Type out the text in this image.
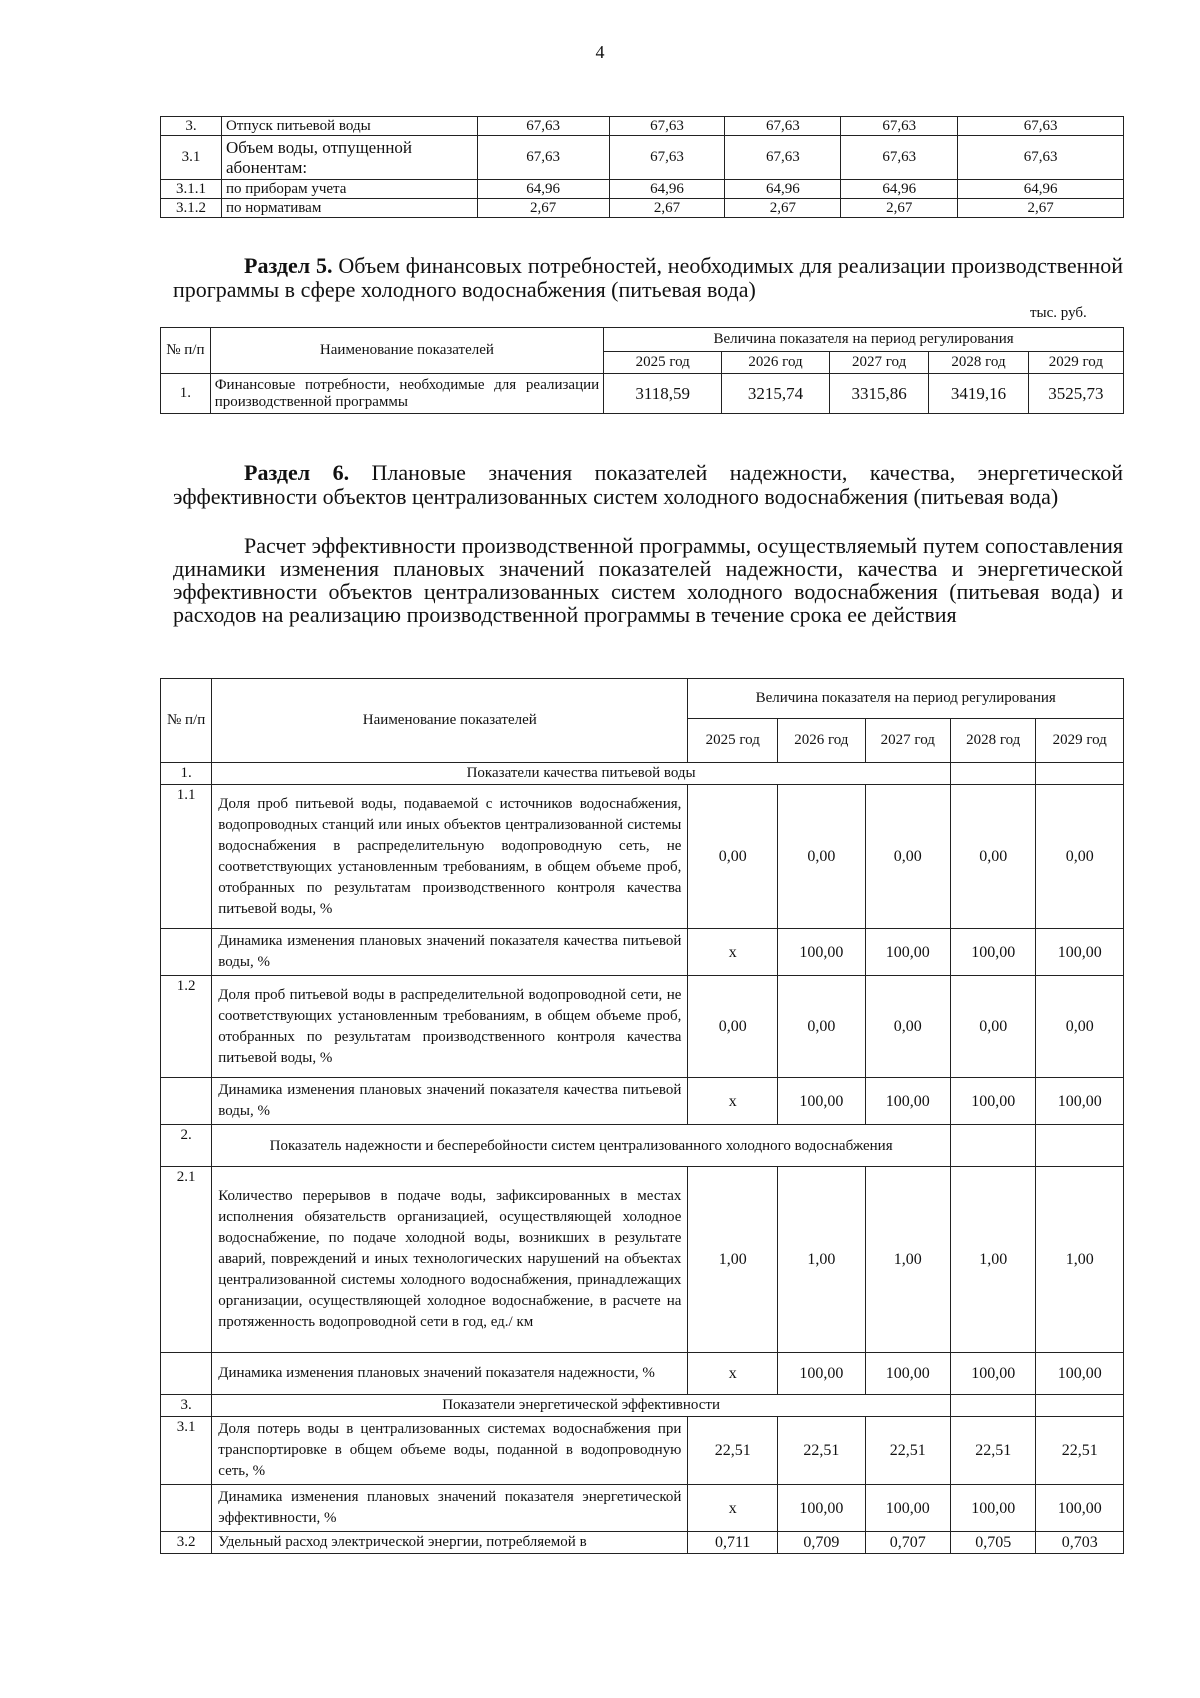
4
3.	Отпуск питьевой воды	67,63	67,63	67,63	67,63	67,63
3.1	Объем воды, отпущенной абонентам:	67,63	67,63	67,63	67,63	67,63
3.1.1	по приборам учета	64,96	64,96	64,96	64,96	64,96
3.1.2	по нормативам	2,67	2,67	2,67	2,67	2,67
Раздел 5. Объем финансовых потребностей, необходимых для реализации производственной программы в сфере холодного водоснабжения (питьевая вода)
тыс. руб.
№ п/п	Наименование показателей	Величина показателя на период регулирования				
		2025 год	2026 год	2027 год	2028 год	2029 год
1.	Финансовые потребности, необходимые для реализации производственной программы	3118,59	3215,74	3315,86	3419,16	3525,73
Раздел 6. Плановые значения показателей надежности, качества, энергетической эффективности объектов централизованных систем холодного водоснабжения (питьевая вода)
Расчет эффективности производственной программы, осуществляемый путем сопоставления динамики изменения плановых значений показателей надежности, качества и энергетической эффективности объектов централизованных систем холодного водоснабжения (питьевая вода) и расходов на реализацию производственной программы в течение срока ее действия
№ п/п	Наименование показателей	Величина показателя на период регулирования				
		2025 год	2026 год	2027 год	2028 год	2029 год
1.	Показатели качества питьевой воды					
1.1	Доля проб питьевой воды, подаваемой с источников водоснабжения, водопроводных станций или иных объектов централизованной системы водоснабжения в распределительную водопроводную сеть, не соответствующих установленным требованиям, в общем объеме проб, отобранных по результатам производственного контроля качества питьевой воды, %	0,00	0,00	0,00	0,00	0,00
	Динамика изменения плановых значений показателя качества питьевой воды, %	х	100,00	100,00	100,00	100,00
1.2	Доля проб питьевой воды в распределительной водопроводной сети, не соответствующих установленным требованиям, в общем объеме проб, отобранных по результатам производственного контроля качества питьевой воды, %	0,00	0,00	0,00	0,00	0,00
	Динамика изменения плановых значений показателя качества питьевой воды, %	х	100,00	100,00	100,00	100,00
2.	Показатель надежности и бесперебойности систем централизованного холодного водоснабжения					
2.1	Количество перерывов в подаче воды, зафиксированных в местах исполнения обязательств организацией, осуществляющей холодное водоснабжение, по подаче холодной воды, возникших в результате аварий, повреждений и иных технологических нарушений на объектах централизованной системы холодного водоснабжения, принадлежащих организации, осуществляющей холодное водоснабжение, в расчете на протяженность водопроводной сети в год, ед./ км	1,00	1,00	1,00	1,00	1,00
	Динамика изменения плановых значений показателя надежности, %	х	100,00	100,00	100,00	100,00
3.	Показатели энергетической эффективности					
3.1	Доля потерь воды в централизованных системах водоснабжения при транспортировке в общем объеме воды, поданной в водопроводную сеть, %	22,51	22,51	22,51	22,51	22,51
	Динамика изменения плановых значений показателя энергетической эффективности, %	х	100,00	100,00	100,00	100,00
3.2	Удельный расход электрической энергии, потребляемой в	0,711	0,709	0,707	0,705	0,703
